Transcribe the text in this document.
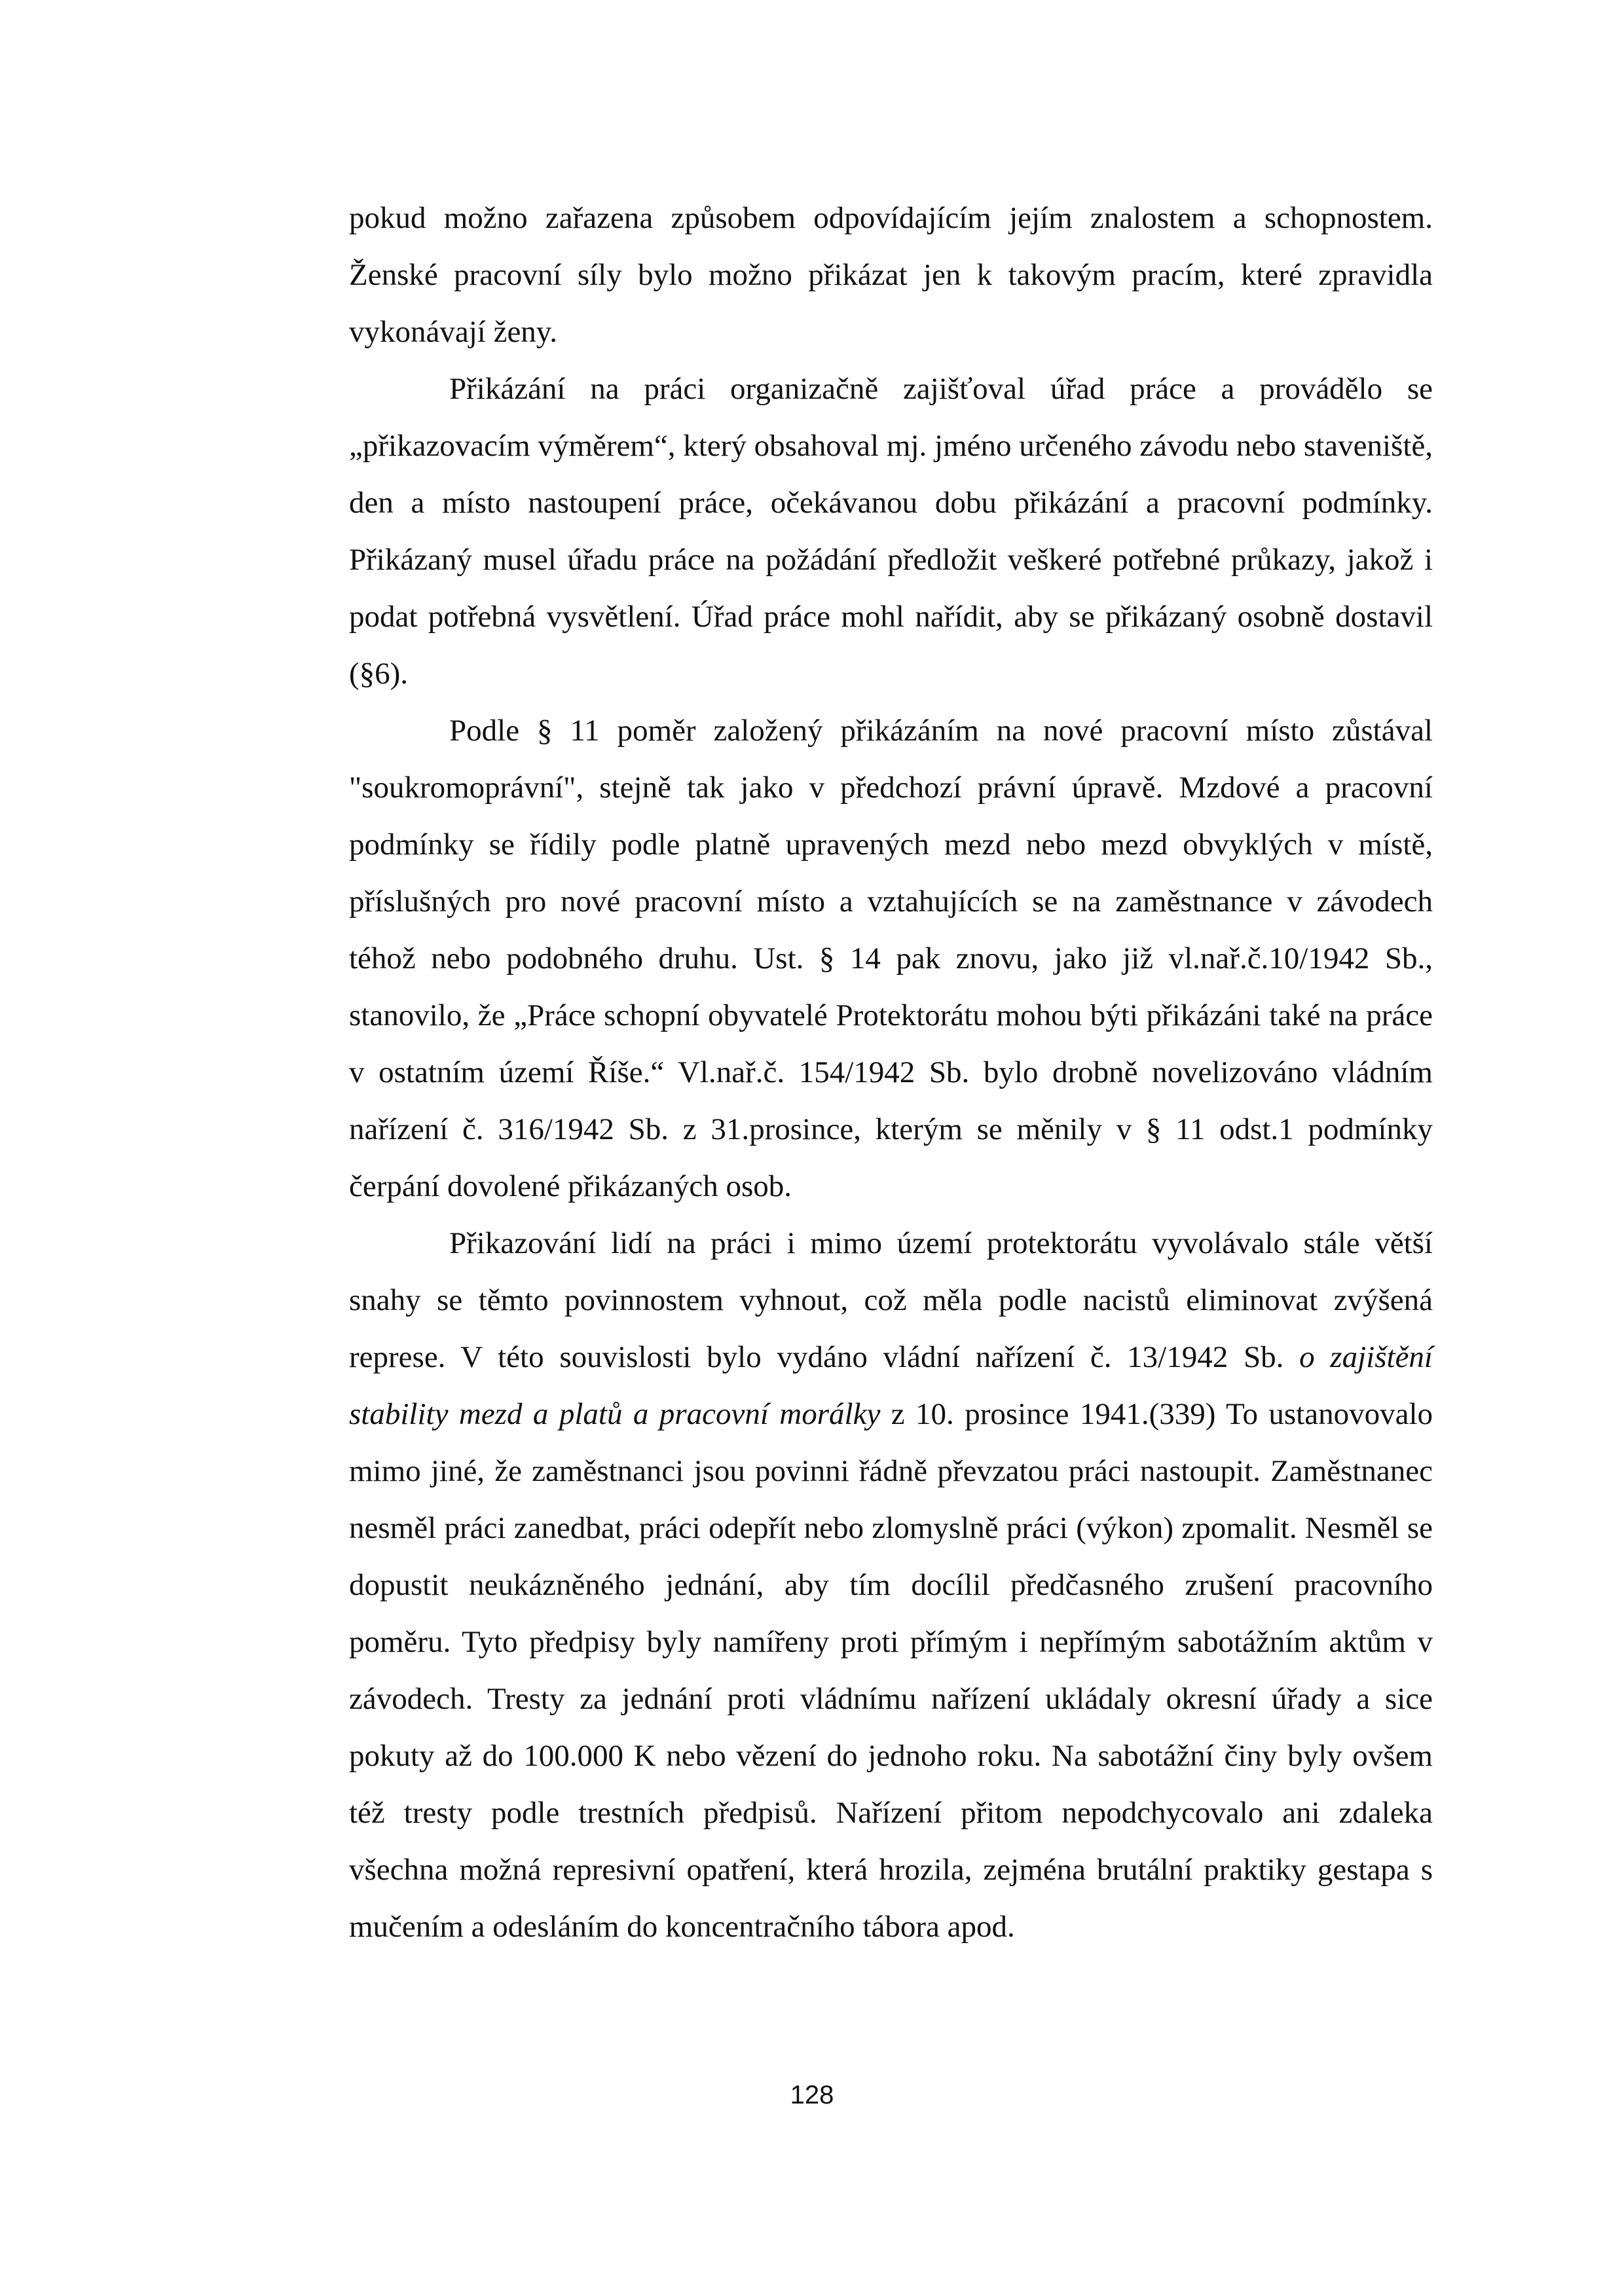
pokud možno zařazena způsobem odpovídajícím jejím znalostem a schopnostem. Ženské pracovní síly bylo možno přikázat jen k takovým pracím, které zpravidla vykonávají ženy.

Přikázání na práci organizačně zajišťoval úřad práce a provádělo se „přikazovacím výměrem“, který obsahoval mj. jméno určeného závodu nebo staveniště, den a místo nastoupení práce, očekávanou dobu přikázání a pracovní podmínky. Přikázaný musel úřadu práce na požádání předložit veškeré potřebné průkazy, jakož i podat potřebná vysvětlení. Úřad práce mohl nařídit, aby se přikázaný osobně dostavil (§6).

Podle § 11 poměr založený přikázáním na nové pracovní místo zůstával "soukromoprávní", stejně tak jako v předchozí právní úpravě. Mzdové a pracovní podmínky se řídily podle platně upravených mezd nebo mezd obvyklých v místě, příslušných pro nové pracovní místo a vztahujících se na zaměstnance v závodech téhož nebo podobného druhu. Ust. § 14 pak znovu, jako již vl.nař.č.10/1942 Sb., stanovilo, že „Práce schopní obyvatelé Protektorátu mohou býti přikázáni také na práce v ostatním území Říše.“ Vl.nař.č. 154/1942 Sb. bylo drobně novelizováno vládním nařízení č. 316/1942 Sb. z 31.prosince, kterým se měnily v § 11 odst.1 podmínky čerpání dovolené přikázaných osob.

Přikazování lidí na práci i mimo území protektorátu vyvolávalo stále větší snahy se těmto povinnostem vyhnout, což měla podle nacistů eliminovat zvýšená represe. V této souvislosti bylo vydáno vládní nařízení č. 13/1942 Sb. o zajištění stability mezd a platů a pracovní morálky z 10. prosince 1941.(339) To ustanovovalo mimo jiné, že zaměstnanci jsou povinni řádně převzatou práci nastoupit. Zaměstnanec nesměl práci zanedbat, práci odepřít nebo zlomyslně práci (výkon) zpomalit. Nesměl se dopustit neukázněného jednání, aby tím docílil předčasného zrušení pracovního poměru. Tyto předpisy byly namířeny proti přímým i nepřímým sabotážním aktům v závodech. Tresty za jednání proti vládnímu nařízení ukládaly okresní úřady a sice pokuty až do 100.000 K nebo vězení do jednoho roku. Na sabotážní činy byly ovšem též tresty podle trestních předpisů. Nařízení přitom nepodchycovalo ani zdaleka všechna možná represivní opatření, která hrozila, zejména brutální praktiky gestapa s mučením a odesláním do koncentračního tábora apod.

128
